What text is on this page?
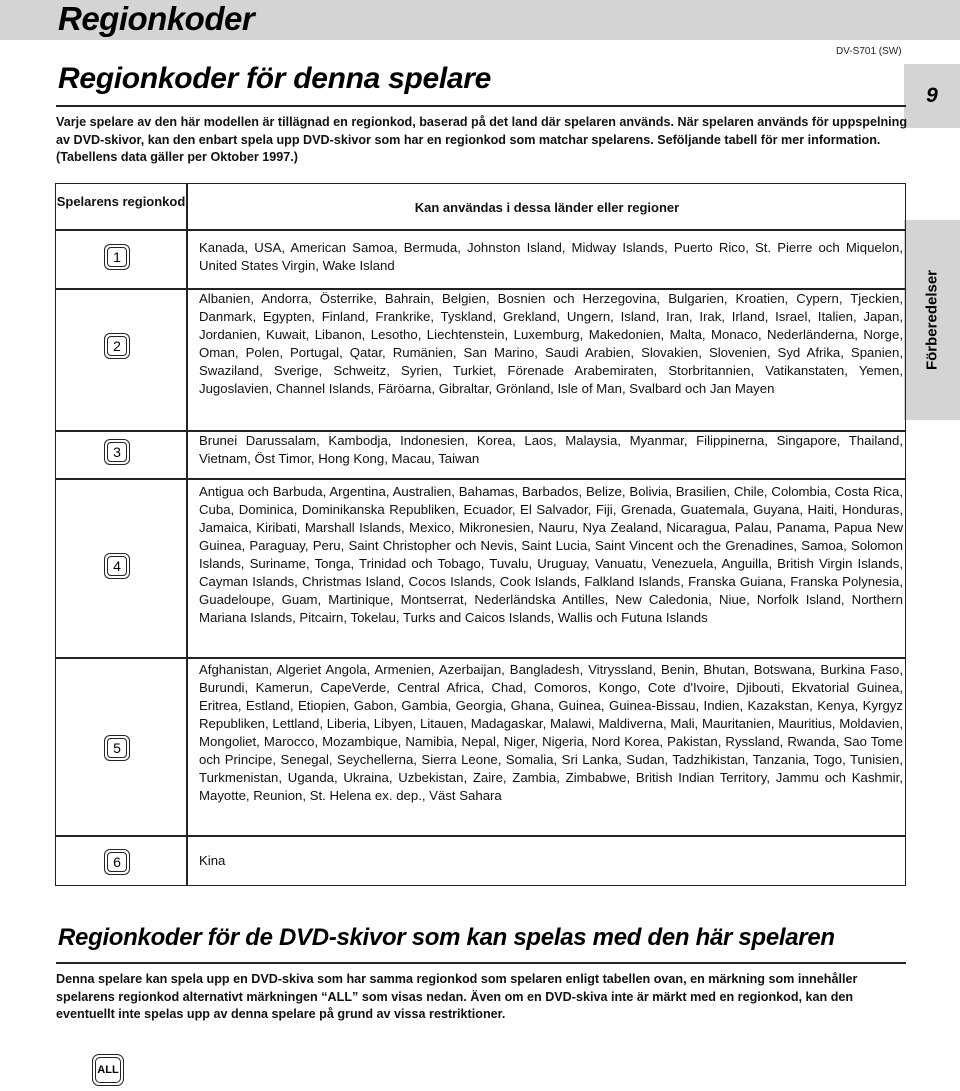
Regionkoder
DV-S701 (SW)
9
Förberedelser
Regionkoder för denna spelare
Varje spelare av den här modellen är tillägnad en regionkod, baserad på det land där spelaren används. När spelaren används för uppspelning av DVD-skivor, kan den enbart spela upp DVD-skivor som har en regionkod som matchar spelarens. Seföljande tabell för mer information. (Tabellens data gäller per Oktober 1997.)
Spelarens regionkod	Kan användas i dessa länder eller regioner
1
Kanada, USA, American Samoa, Bermuda, Johnston Island, Midway Islands, Puerto Rico, St. Pierre och Miquelon, United States Virgin, Wake Island
2
Albanien, Andorra, Österrike, Bahrain, Belgien, Bosnien och Herzegovina, Bulgarien, Kroatien, Cypern, Tjeckien, Danmark, Egypten, Finland, Frankrike, Tyskland, Grekland, Ungern, Island, Iran, Irak, Irland, Israel, Italien, Japan, Jordanien, Kuwait, Libanon, Lesotho, Liechtenstein, Luxemburg, Makedonien, Malta, Monaco, Nederländerna, Norge, Oman, Polen, Portugal, Qatar, Rumänien, San Marino, Saudi Arabien, Slovakien, Slovenien, Syd Afrika, Spanien, Swaziland, Sverige, Schweitz, Syrien, Turkiet, Förenade Arabemiraten, Storbritannien, Vatikanstaten, Yemen, Jugoslavien, Channel Islands, Färöarna, Gibraltar, Grönland, Isle of Man, Svalbard och Jan Mayen
3
Brunei Darussalam, Kambodja, Indonesien, Korea, Laos, Malaysia, Myanmar, Filippinerna, Singapore, Thailand, Vietnam, Öst Timor, Hong Kong, Macau, Taiwan
4
Antigua och Barbuda, Argentina, Australien, Bahamas, Barbados, Belize, Bolivia, Brasilien, Chile, Colombia, Costa Rica, Cuba, Dominica, Dominikanska Republiken, Ecuador, El Salvador, Fiji, Grenada, Guatemala, Guyana, Haiti, Honduras, Jamaica, Kiribati, Marshall Islands, Mexico, Mikronesien, Nauru, Nya Zealand, Nicaragua, Palau, Panama, Papua New Guinea, Paraguay, Peru, Saint Christopher och Nevis, Saint Lucia, Saint Vincent och the Grenadines, Samoa, Solomon Islands, Suriname, Tonga, Trinidad och Tobago, Tuvalu, Uruguay, Vanuatu, Venezuela, Anguilla, British Virgin Islands, Cayman Islands, Christmas Island, Cocos Islands, Cook Islands, Falkland Islands, Franska Guiana, Franska Polynesia, Guadeloupe, Guam, Martinique, Montserrat, Nederländska Antilles, New Caledonia, Niue, Norfolk Island, Northern Mariana Islands, Pitcairn, Tokelau, Turks and Caicos Islands, Wallis och Futuna Islands
5
Afghanistan, Algeriet Angola, Armenien, Azerbaijan, Bangladesh, Vitryssland, Benin, Bhutan, Botswana, Burkina Faso, Burundi, Kamerun, CapeVerde, Central Africa, Chad, Comoros, Kongo, Cote d'Ivoire, Djibouti, Ekvatorial Guinea, Eritrea, Estland, Etiopien, Gabon, Gambia, Georgia, Ghana, Guinea, Guinea-Bissau, Indien, Kazakstan, Kenya, Kyrgyz Republiken, Lettland, Liberia, Libyen, Litauen, Madagaskar, Malawi, Maldiverna, Mali, Mauritanien, Mauritius, Moldavien, Mongoliet, Marocco, Mozambique, Namibia, Nepal, Niger, Nigeria, Nord Korea, Pakistan, Ryssland, Rwanda, Sao Tome och Principe, Senegal, Seychellerna, Sierra Leone, Somalia, Sri Lanka, Sudan, Tadzhikistan, Tanzania, Togo, Tunisien, Turkmenistan, Uganda, Ukraina, Uzbekistan, Zaire, Zambia, Zimbabwe, British Indian Territory, Jammu och Kashmir, Mayotte, Reunion, St. Helena ex. dep., Väst Sahara
6	Kina
Regionkoder för de DVD-skivor som kan spelas med den här spelaren
Denna spelare kan spela upp en DVD-skiva som har samma regionkod som spelaren enligt tabellen ovan, en märkning som innehåller spelarens regionkod alternativt märkningen “ALL” som visas nedan. Även om en DVD-skiva inte är märkt med en regionkod, kan den eventuellt inte spelas upp av denna spelare på grund av vissa restriktioner.
ALL
